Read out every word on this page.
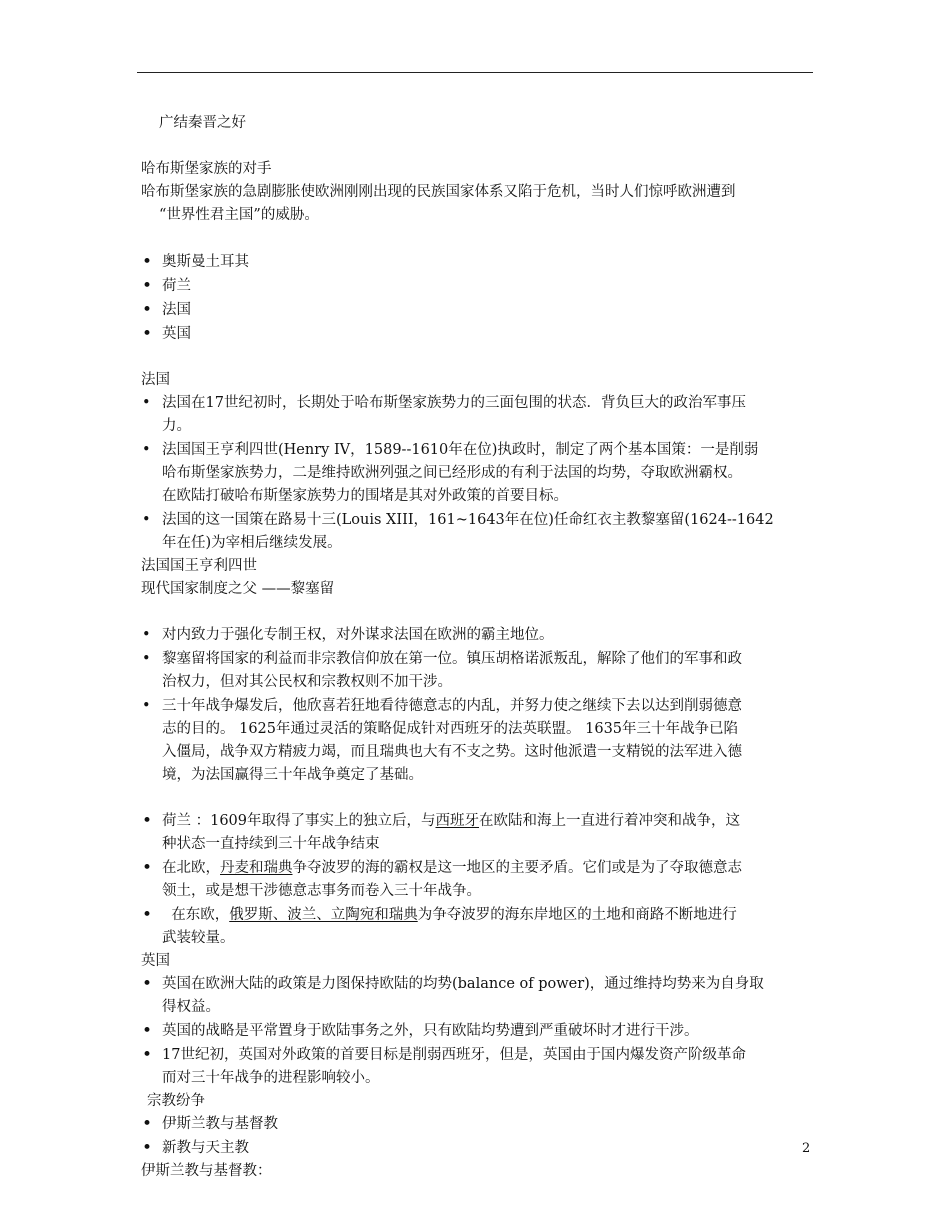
广结秦晋之好

哈布斯堡家族的对手

哈布斯堡家族的急剧膨胀使欧洲刚刚出现的民族国家体系又陷于危机，当时人们惊呼欧洲遭到

“世界性君主国”的威胁。

• 奥斯曼土耳其
• 荷兰
• 法国
• 英国

法国

• 法国在17世纪初时，长期处于哈布斯堡家族势力的三面包围的状态．背负巨大的政治军事压
力。
• 法国国王亨利四世(Henry IV，1589--1610年在位)执政时，制定了两个基本国策：一是削弱
哈布斯堡家族势力，二是维持欧洲列强之间已经形成的有利于法国的均势，夺取欧洲霸权。
在欧陆打破哈布斯堡家族势力的围堵是其对外政策的首要目标。
• 法国的这一国策在路易十三(Louis XIII，161~1643年在位)任命红衣主教黎塞留(1624--1642
年在任)为宰相后继续发展。

法国国王亨利四世

现代国家制度之父 ——黎塞留

• 对内致力于强化专制王权，对外谋求法国在欧洲的霸主地位。
• 黎塞留将国家的利益而非宗教信仰放在第一位。镇压胡格诺派叛乱，解除了他们的军事和政
治权力，但对其公民权和宗教权则不加干涉。
• 三十年战争爆发后，他欣喜若狂地看待德意志的内乱，并努力使之继续下去以达到削弱德意
志的目的。 1625年通过灵活的策略促成针对西班牙的法英联盟。 1635年三十年战争已陷
入僵局，战争双方精疲力竭，而且瑞典也大有不支之势。这时他派遣一支精锐的法军进入德
境，为法国赢得三十年战争奠定了基础。
• 荷兰 ：1609年取得了事实上的独立后，与西班牙在欧陆和海上一直进行着冲突和战争，这
种状态一直持续到三十年战争结束
• 在北欧，丹麦和瑞典争夺波罗的海的霸权是这一地区的主要矛盾。它们或是为了夺取德意志
领土，或是想干涉德意志事务而卷入三十年战争。
• 在东欧，俄罗斯、波兰、立陶宛和瑞典为争夺波罗的海东岸地区的土地和商路不断地进行
武装较量。

英国

• 英国在欧洲大陆的政策是力图保持欧陆的均势(balance of power)，通过维持均势来为自身取
得权益。
• 英国的战略是平常置身于欧陆事务之外，只有欧陆均势遭到严重破坏时才进行干涉。
• 17世纪初，英国对外政策的首要目标是削弱西班牙，但是，英国由于国内爆发资产阶级革命
而对三十年战争的进程影响较小。

宗教纷争

• 伊斯兰教与基督教
• 新教与天主教

伊斯兰教与基督教：

2
